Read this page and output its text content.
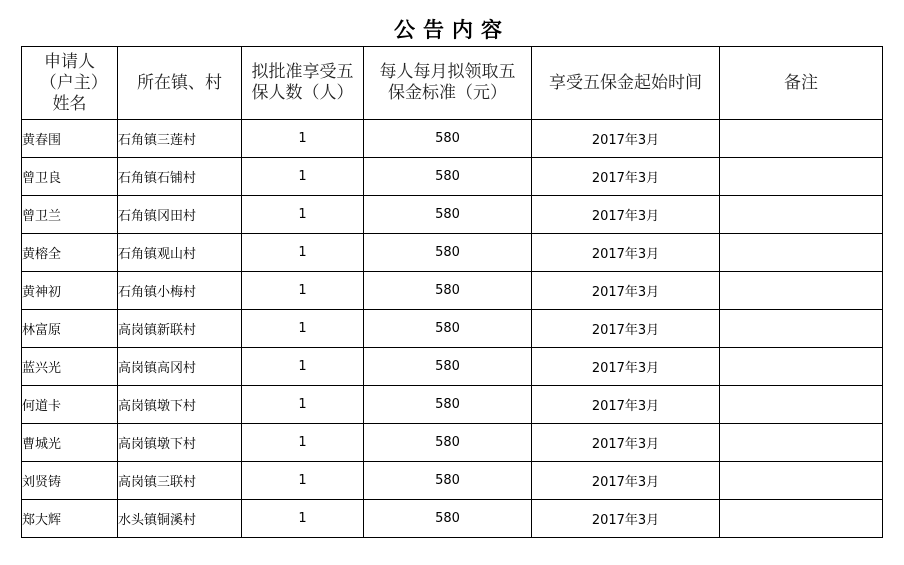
公告内容
申请人（户主）姓名	所在镇、村	拟批准享受五保人数（人）	每人每月拟领取五保金标准（元）	享受五保金起始时间	备注
黄春围	石角镇三莲村	1	580	2017年3月	
曾卫良	石角镇石铺村	1	580	2017年3月	
曾卫兰	石角镇冈田村	1	580	2017年3月	
黄榕全	石角镇观山村	1	580	2017年3月	
黄神初	石角镇小梅村	1	580	2017年3月	
林富原	高岗镇新联村	1	580	2017年3月	
蓝兴光	高岗镇高冈村	1	580	2017年3月	
何道卡	高岗镇墩下村	1	580	2017年3月	
曹城光	高岗镇墩下村	1	580	2017年3月	
刘贤铸	高岗镇三联村	1	580	2017年3月	
郑大辉	水头镇铜溪村	1	580	2017年3月	
